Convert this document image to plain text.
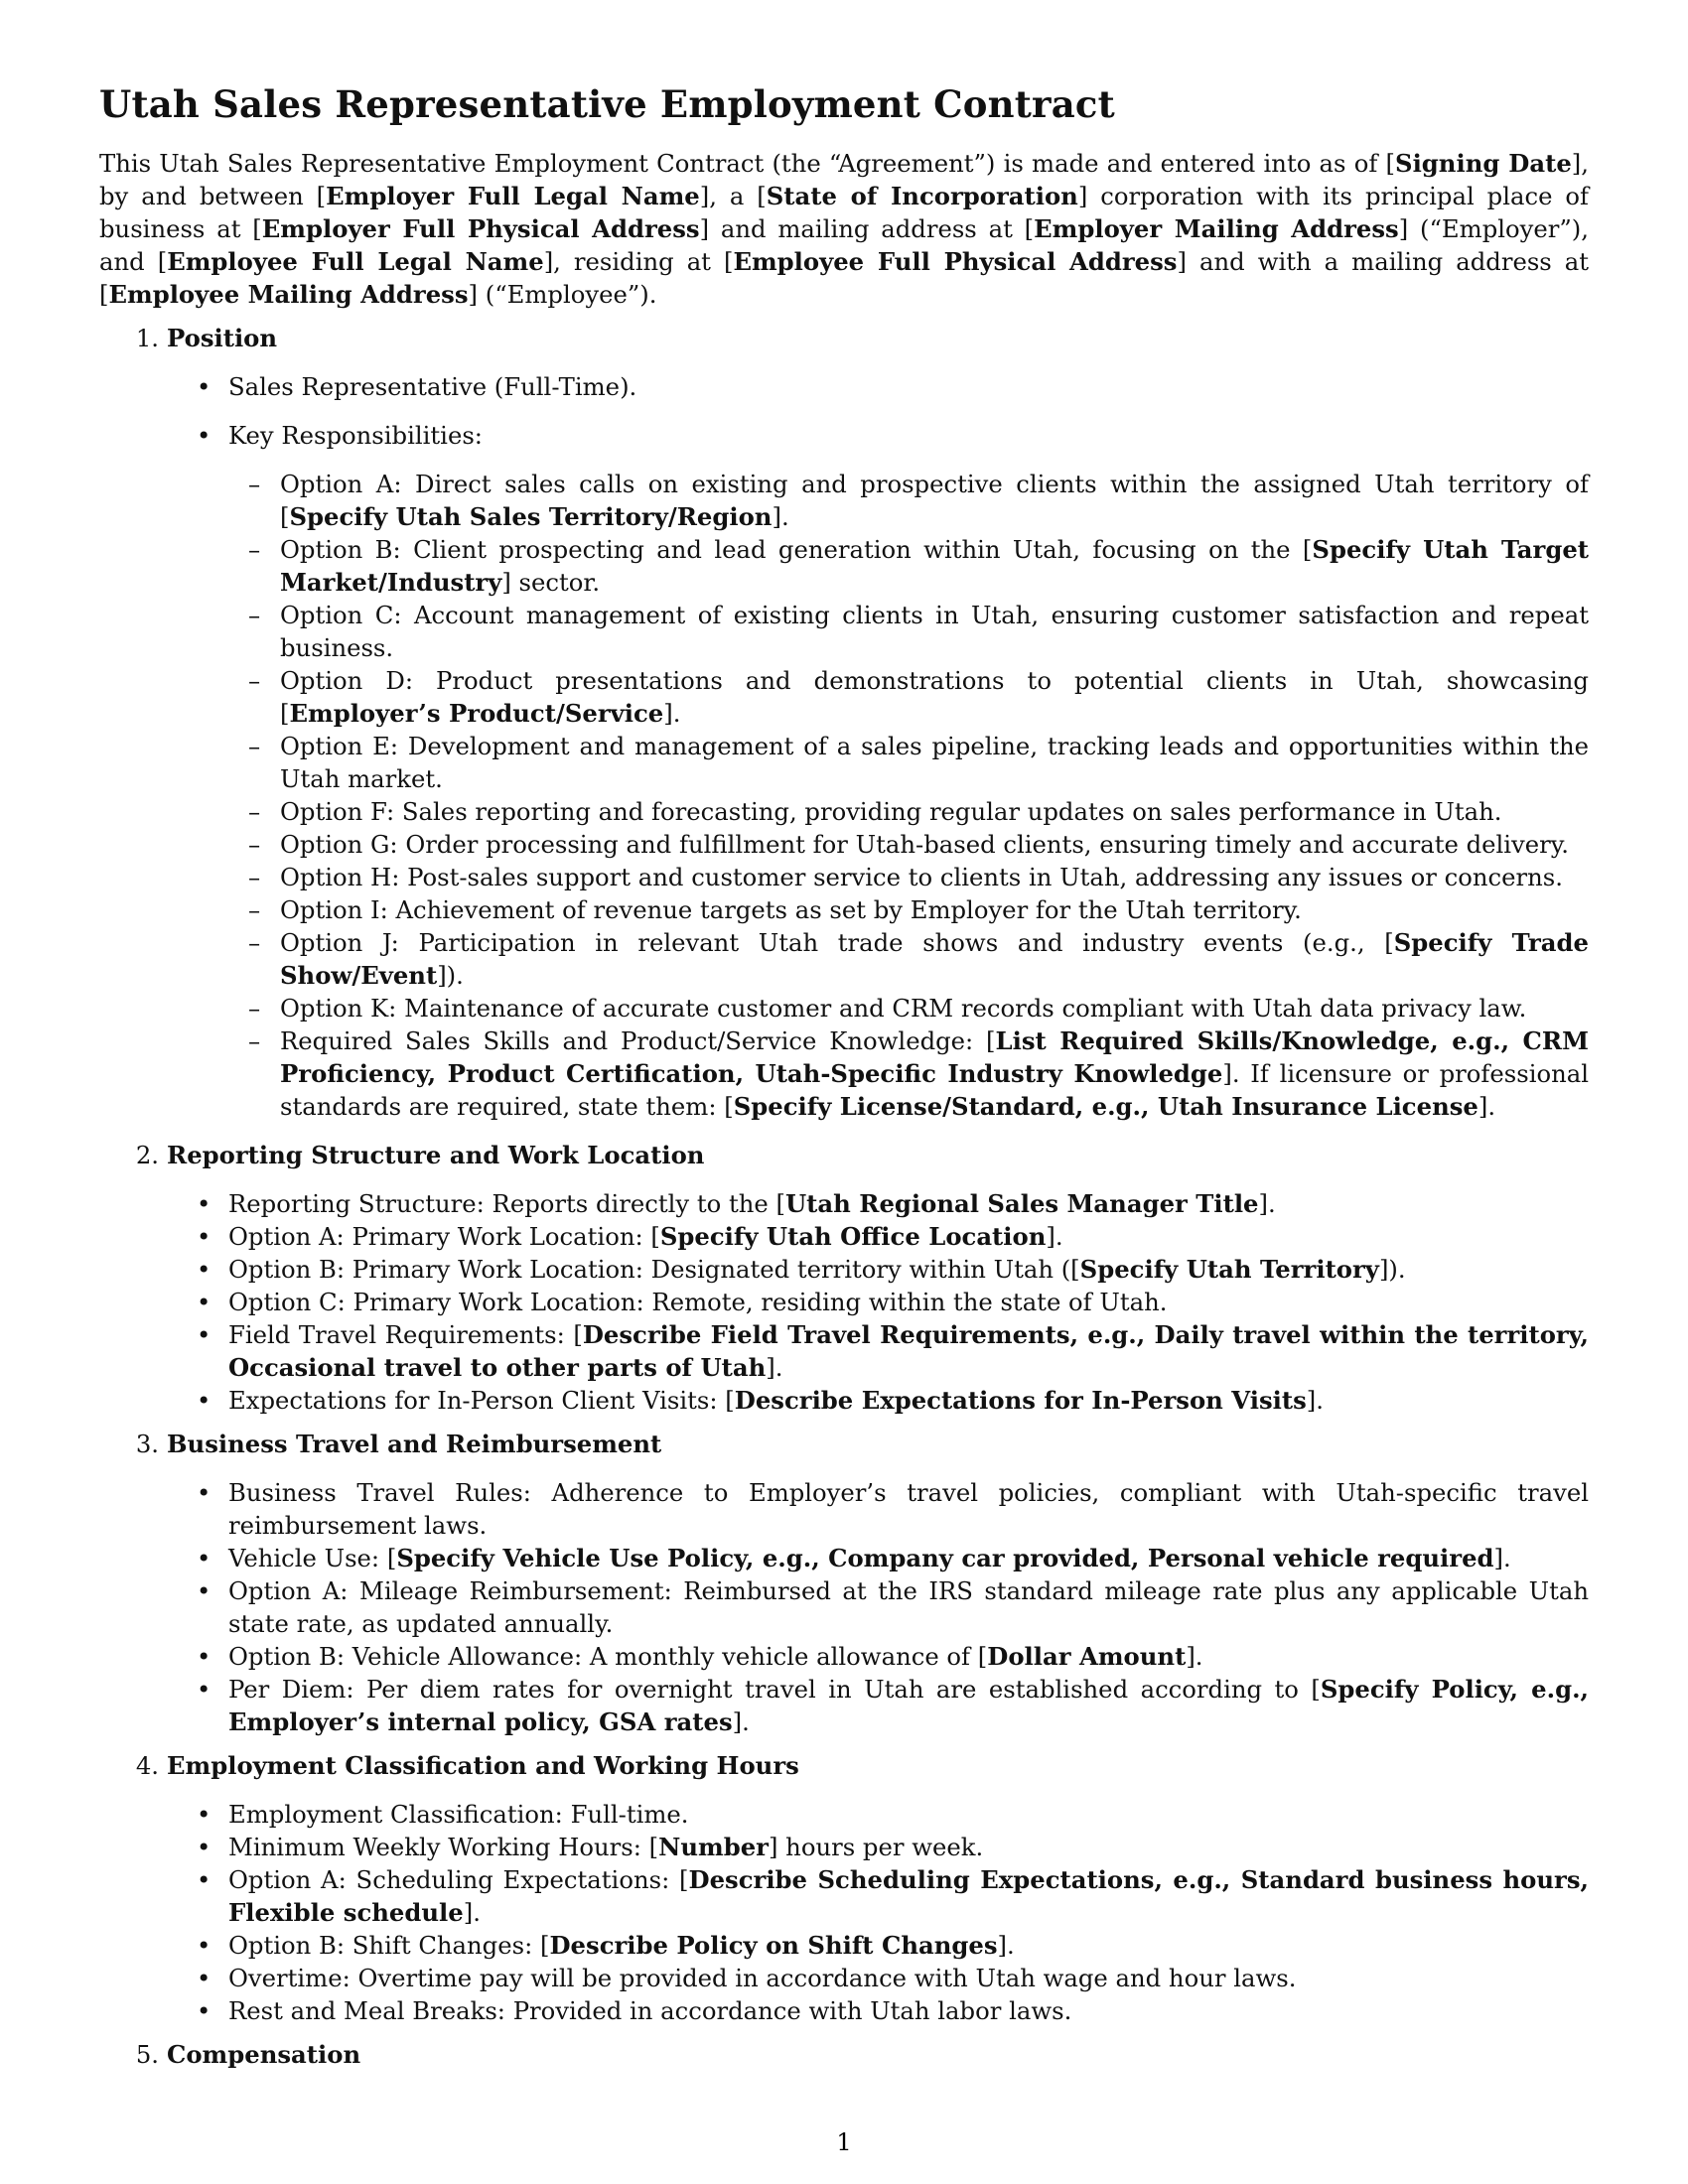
Utah Sales Representative Employment Contract

This Utah Sales Representative Employment Contract (the “Agreement”) is made and entered into as of [Signing Date], by and between [Employer Full Legal Name], a [State of Incorporation] corporation with its principal place of business at [Employer Full Physical Address] and mailing address at [Employer Mailing Address] (“Employer”), and [Employee Full Legal Name], residing at [Employee Full Physical Address] and with a mailing address at [Employee Mailing Address] (“Employee”).

1. Position
• Sales Representative (Full-Time).
• Key Responsibilities:
– Option A: Direct sales calls on existing and prospective clients within the assigned Utah territory of [Specify Utah Sales Territory/Region].
– Option B: Client prospecting and lead generation within Utah, focusing on the [Specify Utah Target Market/Industry] sector.
– Option C: Account management of existing clients in Utah, ensuring customer satisfaction and repeat business.
– Option D: Product presentations and demonstrations to potential clients in Utah, showcasing [Employer’s Product/Service].
– Option E: Development and management of a sales pipeline, tracking leads and opportunities within the Utah market.
– Option F: Sales reporting and forecasting, providing regular updates on sales performance in Utah.
– Option G: Order processing and fulfillment for Utah-based clients, ensuring timely and accurate delivery.
– Option H: Post-sales support and customer service to clients in Utah, addressing any issues or concerns.
– Option I: Achievement of revenue targets as set by Employer for the Utah territory.
– Option J: Participation in relevant Utah trade shows and industry events (e.g., [Specify Trade Show/Event]).
– Option K: Maintenance of accurate customer and CRM records compliant with Utah data privacy law.
– Required Sales Skills and Product/Service Knowledge: [List Required Skills/Knowledge, e.g., CRM Proficiency, Product Certification, Utah-Specific Industry Knowledge]. If licensure or professional standards are required, state them: [Specify License/Standard, e.g., Utah Insurance License].
2. Reporting Structure and Work Location
• Reporting Structure: Reports directly to the [Utah Regional Sales Manager Title].
• Option A: Primary Work Location: [Specify Utah Office Location].
• Option B: Primary Work Location: Designated territory within Utah ([Specify Utah Territory]).
• Option C: Primary Work Location: Remote, residing within the state of Utah.
• Field Travel Requirements: [Describe Field Travel Requirements, e.g., Daily travel within the territory, Occasional travel to other parts of Utah].
• Expectations for In-Person Client Visits: [Describe Expectations for In-Person Visits].
3. Business Travel and Reimbursement
• Business Travel Rules: Adherence to Employer’s travel policies, compliant with Utah-specific travel reimbursement laws.
• Vehicle Use: [Specify Vehicle Use Policy, e.g., Company car provided, Personal vehicle required].
• Option A: Mileage Reimbursement: Reimbursed at the IRS standard mileage rate plus any applicable Utah state rate, as updated annually.
• Option B: Vehicle Allowance: A monthly vehicle allowance of [Dollar Amount].
• Per Diem: Per diem rates for overnight travel in Utah are established according to [Specify Policy, e.g., Employer’s internal policy, GSA rates].
4. Employment Classification and Working Hours
• Employment Classification: Full-time.
• Minimum Weekly Working Hours: [Number] hours per week.
• Option A: Scheduling Expectations: [Describe Scheduling Expectations, e.g., Standard business hours, Flexible schedule].
• Option B: Shift Changes: [Describe Policy on Shift Changes].
• Overtime: Overtime pay will be provided in accordance with Utah wage and hour laws.
• Rest and Meal Breaks: Provided in accordance with Utah labor laws.
5. Compensation
1
